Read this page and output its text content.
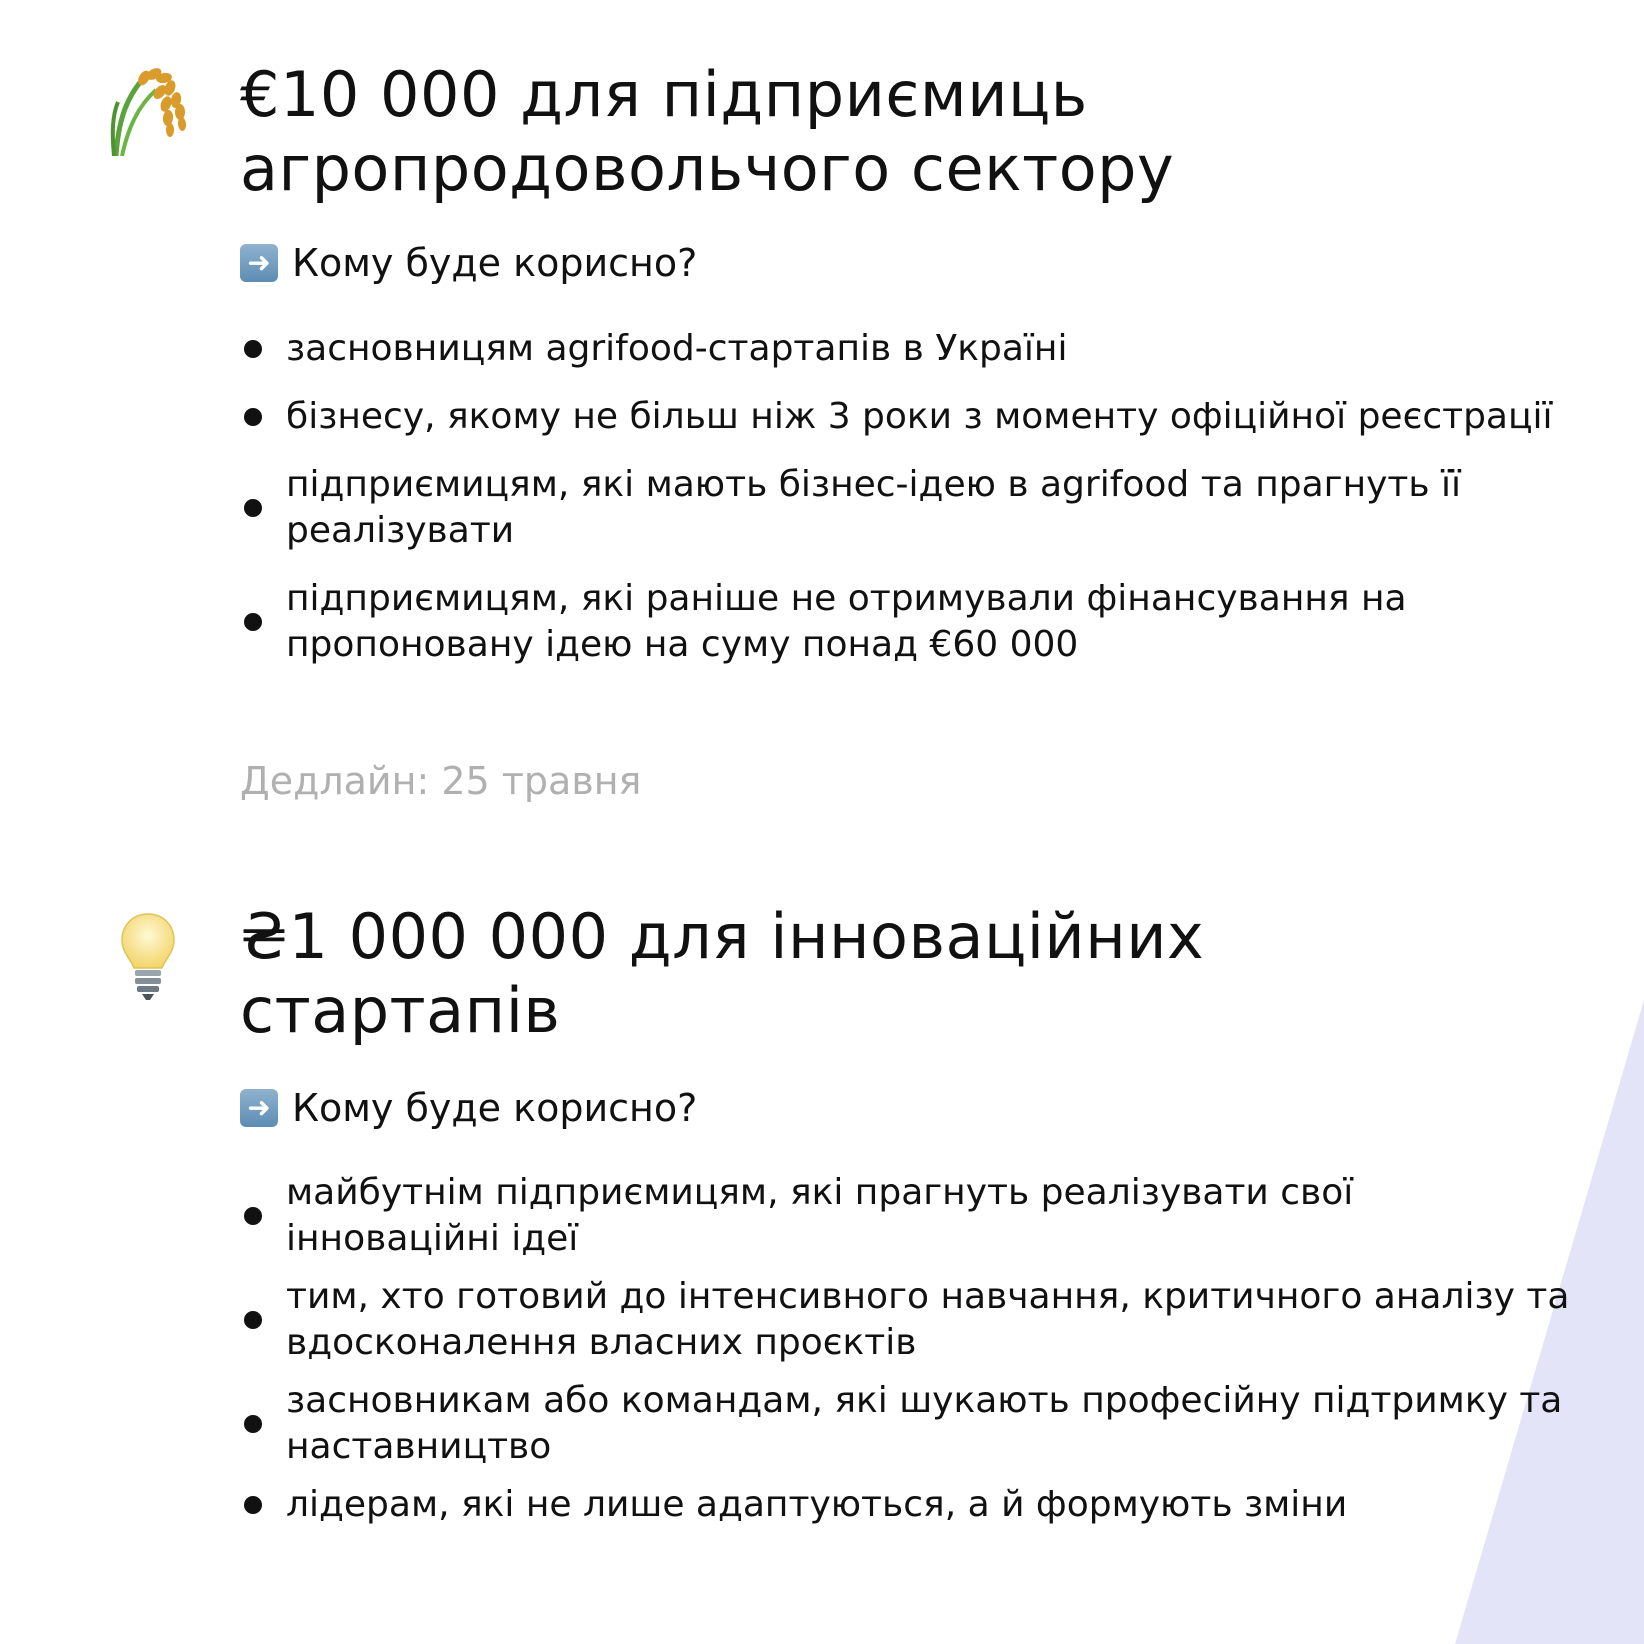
€10 000 для підприємиць агропродовольчого сектору

➜ Кому буде корисно?

засновницям agrifood-стартапів в Україні
бізнесу, якому не більш ніж 3 роки з моменту офіційної реєстрації
підприємицям, які мають бізнес-ідею в agrifood та прагнуть її реалізувати
підприємицям, які раніше не отримували фінансування на пропоновану ідею на суму понад €60 000

Дедлайн: 25 травня

₴1 000 000 для інноваційних стартапів

➜ Кому буде корисно?

майбутнім підприємицям, які прагнуть реалізувати свої інноваційні ідеї
тим, хто готовий до інтенсивного навчання, критичного аналізу та вдосконалення власних проєктів
засновникам або командам, які шукають професійну підтримку та наставництво
лідерам, які не лише адаптуються, а й формують зміни
